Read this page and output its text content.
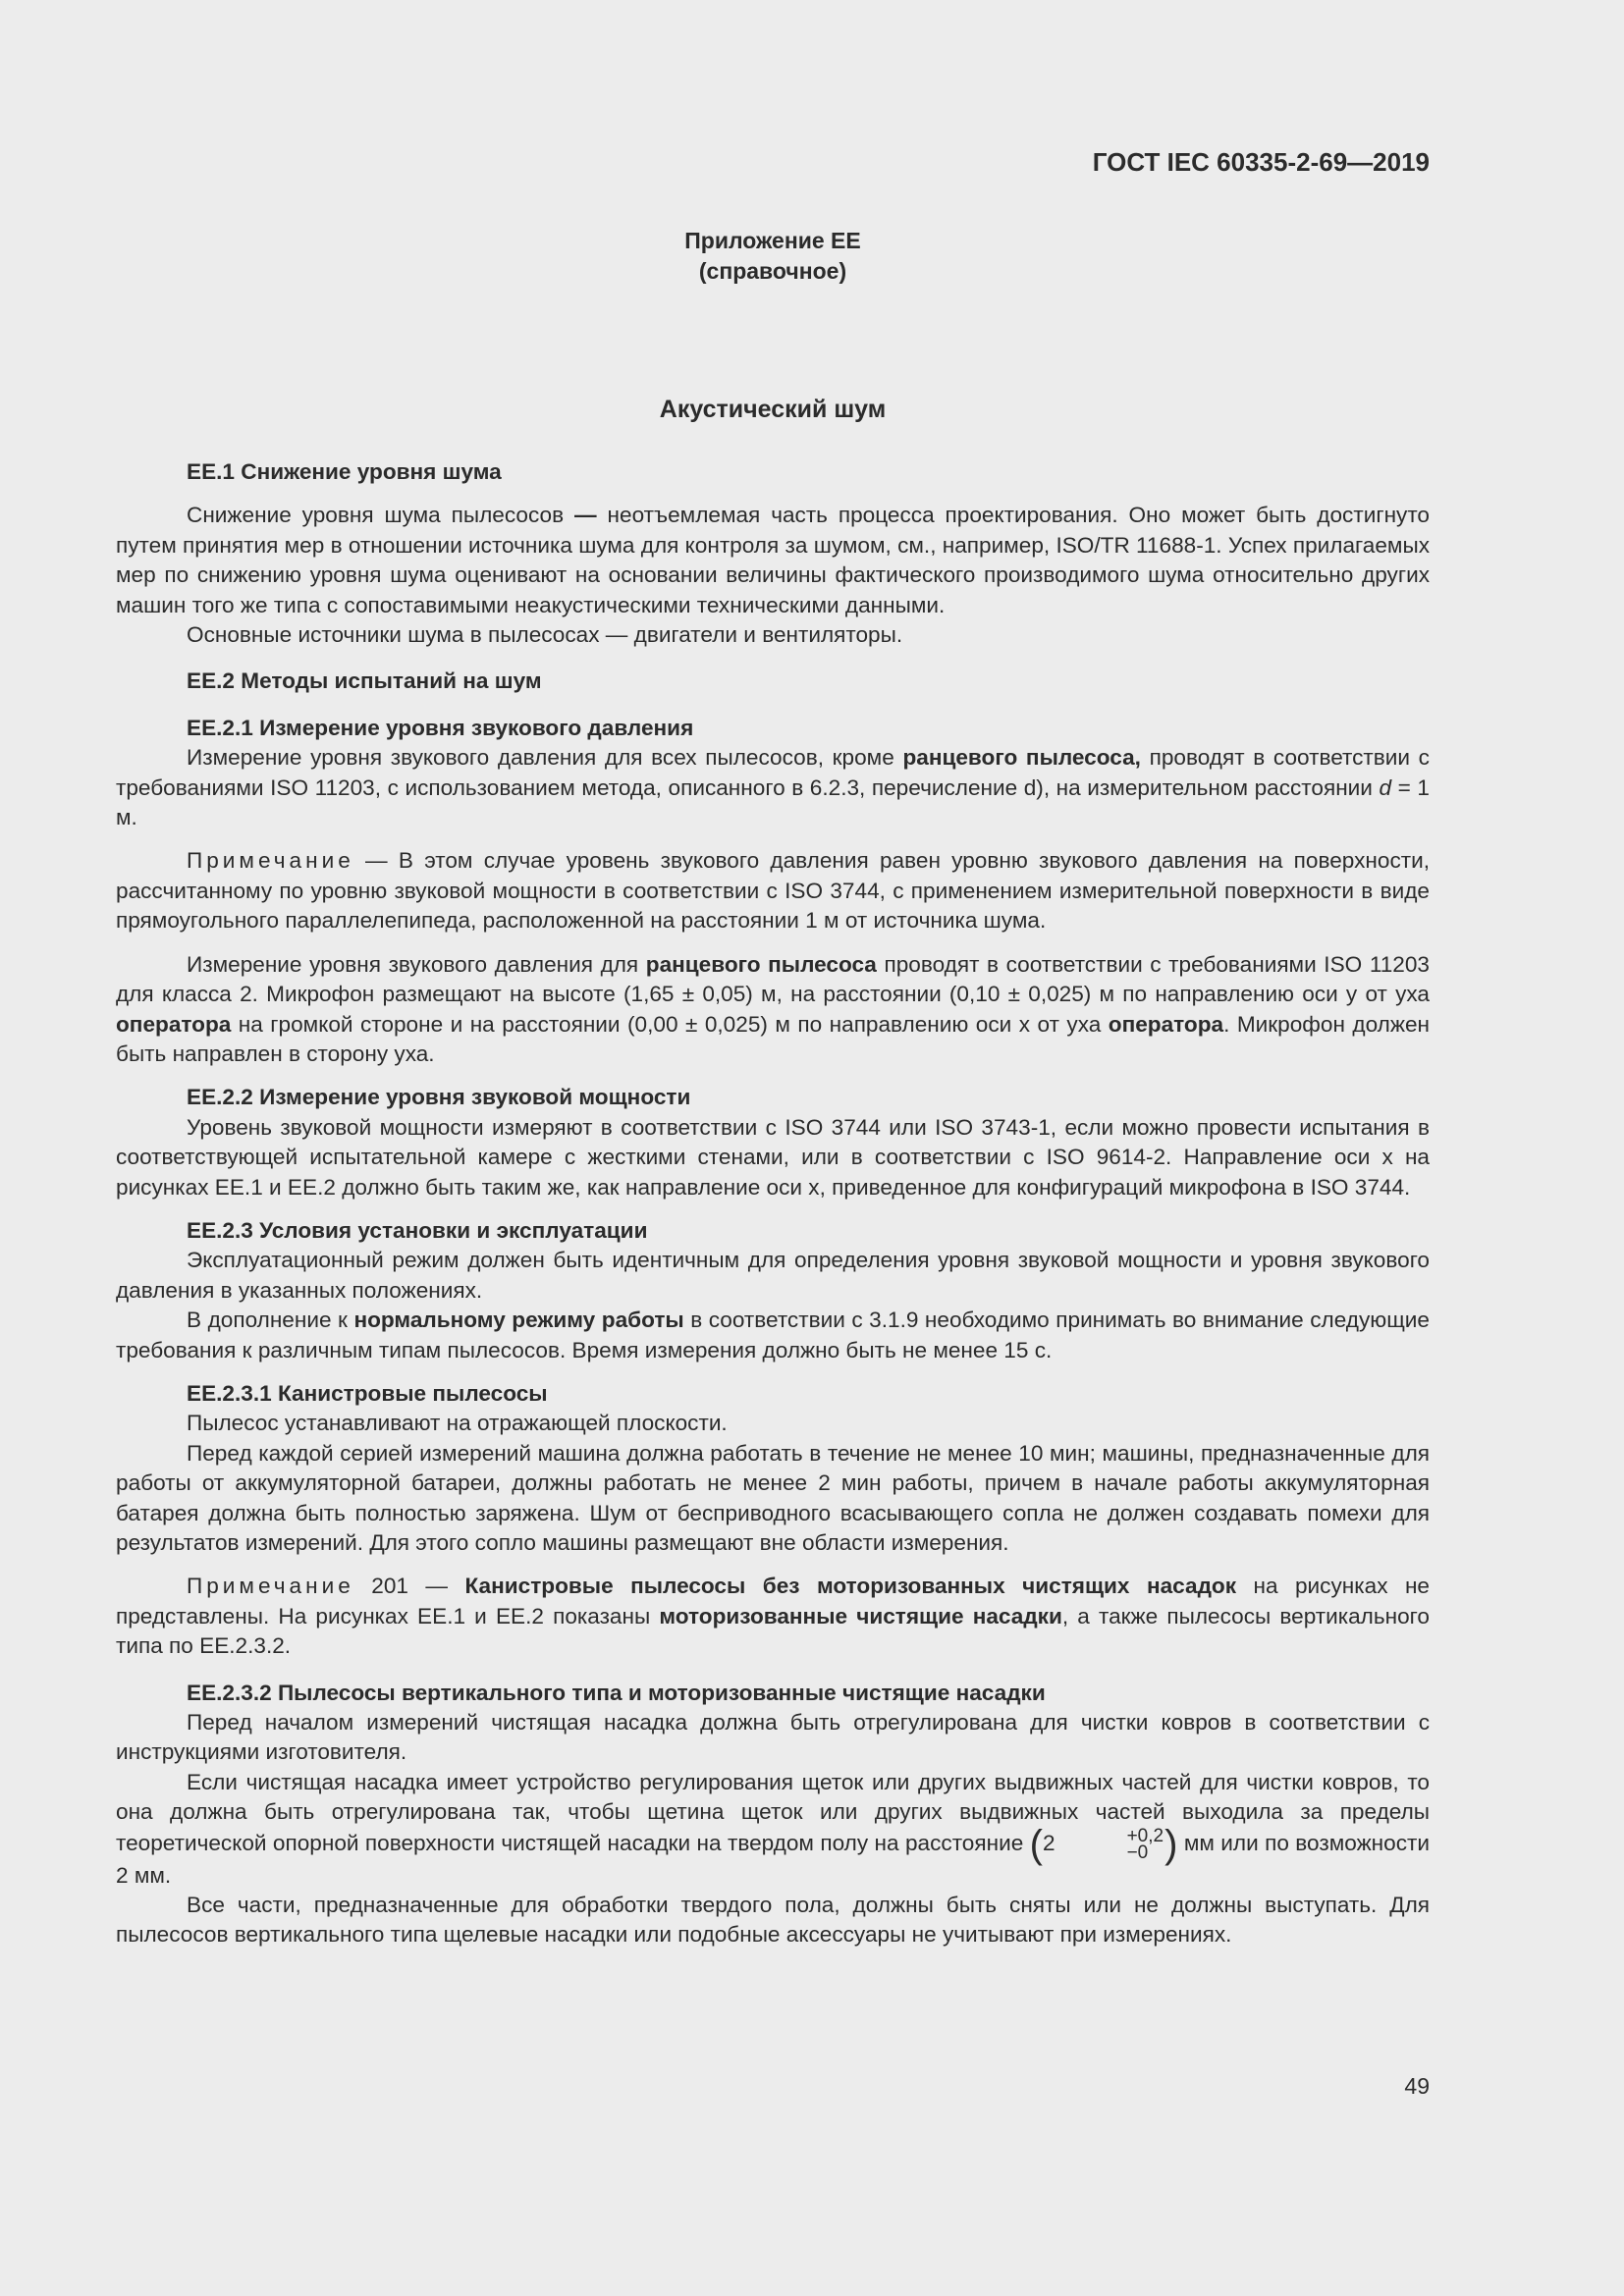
ГОСТ IEC 60335-2-69—2019
Приложение ЕЕ
(справочное)
Акустический шум
ЕЕ.1 Снижение уровня шума

Снижение уровня шума пылесосов — неотъемлемая часть процесса проектирования. Оно может быть достигнуто путем принятия мер в отношении источника шума для контроля за шумом, см., например, ISO/TR 11688-1. Успех прилагаемых мер по снижению уровня шума оценивают на основании величины фактического производимого шума относительно других машин того же типа с сопоставимыми неакустическими техническими данными.

Основные источники шума в пылесосах — двигатели и вентиляторы.

ЕЕ.2 Методы испытаний на шум
ЕЕ.2.1 Измерение уровня звукового давления

Измерение уровня звукового давления для всех пылесосов, кроме ранцевого пылесоса, проводят в соответствии с требованиями ISO 11203, с использованием метода, описанного в 6.2.3, перечисление d), на измерительном расстоянии d = 1 м.

Примечание — В этом случае уровень звукового давления равен уровню звукового давления на поверхности, рассчитанному по уровню звуковой мощности в соответствии с ISO 3744, с применением измерительной поверхности в виде прямоугольного параллелепипеда, расположенной на расстоянии 1 м от источника шума.

Измерение уровня звукового давления для ранцевого пылесоса проводят в соответствии с требованиями ISO 11203 для класса 2. Микрофон размещают на высоте (1,65 ± 0,05) м, на расстоянии (0,10 ± 0,025) м по направлению оси у от уха оператора на громкой стороне и на расстоянии (0,00 ± 0,025) м по направлению оси х от уха оператора. Микрофон должен быть направлен в сторону уха.

ЕЕ.2.2 Измерение уровня звуковой мощности

Уровень звуковой мощности измеряют в соответствии с ISO 3744 или ISO 3743-1, если можно провести испытания в соответствующей испытательной камере с жесткими стенами, или в соответствии с ISO 9614-2. Направление оси х на рисунках ЕЕ.1 и ЕЕ.2 должно быть таким же, как направление оси х, приведенное для конфигураций микрофона в ISO 3744.

ЕЕ.2.3 Условия установки и эксплуатации

Эксплуатационный режим должен быть идентичным для определения уровня звуковой мощности и уровня звукового давления в указанных положениях.

В дополнение к нормальному режиму работы в соответствии с 3.1.9 необходимо принимать во внимание следующие требования к различным типам пылесосов. Время измерения должно быть не менее 15 с.

ЕЕ.2.3.1 Канистровые пылесосы

Пылесос устанавливают на отражающей плоскости.

Перед каждой серией измерений машина должна работать в течение не менее 10 мин; машины, предназначенные для работы от аккумуляторной батареи, должны работать не менее 2 мин работы, причем в начале работы аккумуляторная батарея должна быть полностью заряжена. Шум от бесприводного всасывающего сопла не должен создавать помехи для результатов измерений. Для этого сопло машины размещают вне области измерения.

Примечание 201 — Канистровые пылесосы без моторизованных чистящих насадок на рисунках не представлены. На рисунках ЕЕ.1 и ЕЕ.2 показаны моторизованные чистящие насадки, а также пылесосы вертикального типа по ЕЕ.2.3.2.

ЕЕ.2.3.2 Пылесосы вертикального типа и моторизованные чистящие насадки

Перед началом измерений чистящая насадка должна быть отрегулирована для чистки ковров в соответствии с инструкциями изготовителя.

Если чистящая насадка имеет устройство регулирования щеток или других выдвижных частей для чистки ковров, то она должна быть отрегулирована так, чтобы щетина щеток или других выдвижных частей выходила за пределы теоретической опорной поверхности чистящей насадки на твердом полу на расстояние (2	+0,2
−0 ) мм или по возможности 2 мм.

Все части, предназначенные для обработки твердого пола, должны быть сняты или не должны выступать. Для пылесосов вертикального типа щелевые насадки или подобные аксессуары не учитывают при измерениях.

49
